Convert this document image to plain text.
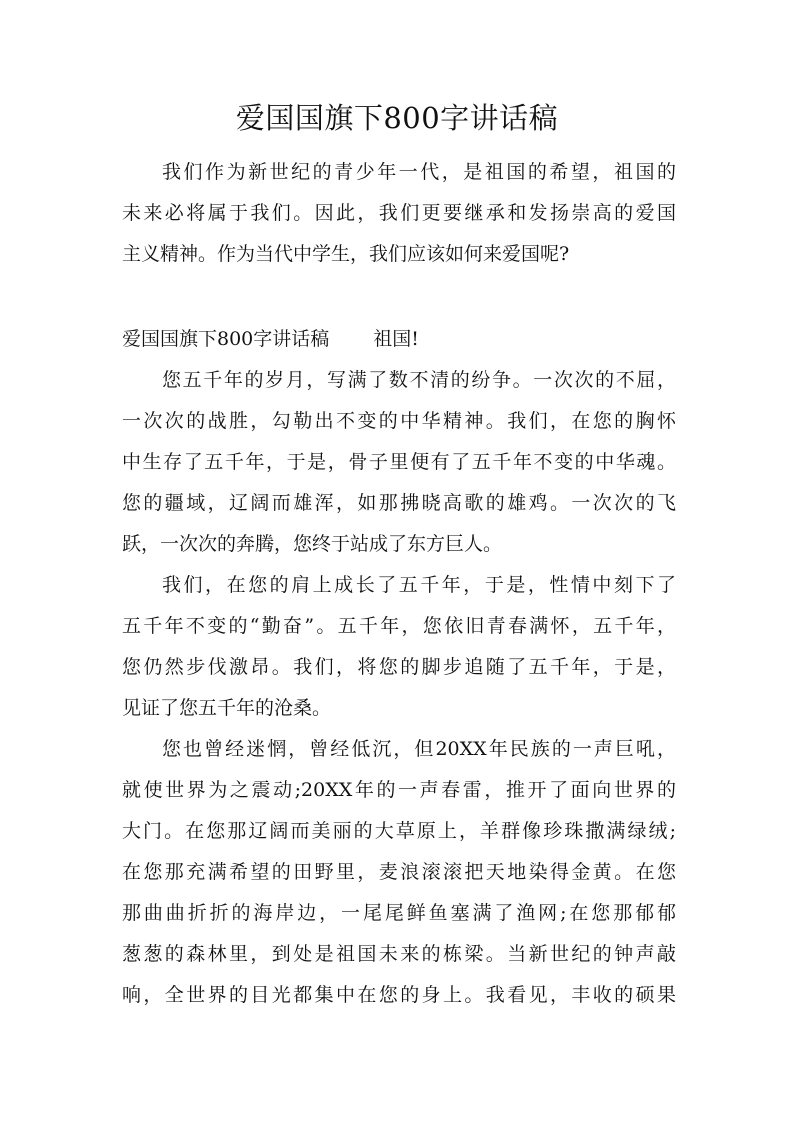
爱国国旗下800字讲话稿
我们作为新世纪的青少年一代，是祖国的希望，祖国的
未来必将属于我们。因此，我们更要继承和发扬崇高的爱国
主义精神。作为当代中学生，我们应该如何来爱国呢?
爱国国旗下800字讲话稿 祖国!
您五千年的岁月，写满了数不清的纷争。一次次的不屈，
一次次的战胜，勾勒出不变的中华精神。我们，在您的胸怀
中生存了五千年，于是，骨子里便有了五千年不变的中华魂。
您的疆域，辽阔而雄浑，如那拂晓高歌的雄鸡。一次次的飞
跃，一次次的奔腾，您终于站成了东方巨人。
我们，在您的肩上成长了五千年，于是，性情中刻下了
五千年不变的“勤奋”。五千年，您依旧青春满怀，五千年，
您仍然步伐激昂。我们，将您的脚步追随了五千年，于是，
见证了您五千年的沧桑。
您也曾经迷惘，曾经低沉，但20XX年民族的一声巨吼，
就使世界为之震动;20XX年的一声春雷，推开了面向世界的
大门。在您那辽阔而美丽的大草原上，羊群像珍珠撒满绿绒;
在您那充满希望的田野里，麦浪滚滚把天地染得金黄。在您
那曲曲折折的海岸边，一尾尾鲜鱼塞满了渔网;在您那郁郁
葱葱的森林里，到处是祖国未来的栋梁。当新世纪的钟声敲
响，全世界的目光都集中在您的身上。我看见，丰收的硕果
